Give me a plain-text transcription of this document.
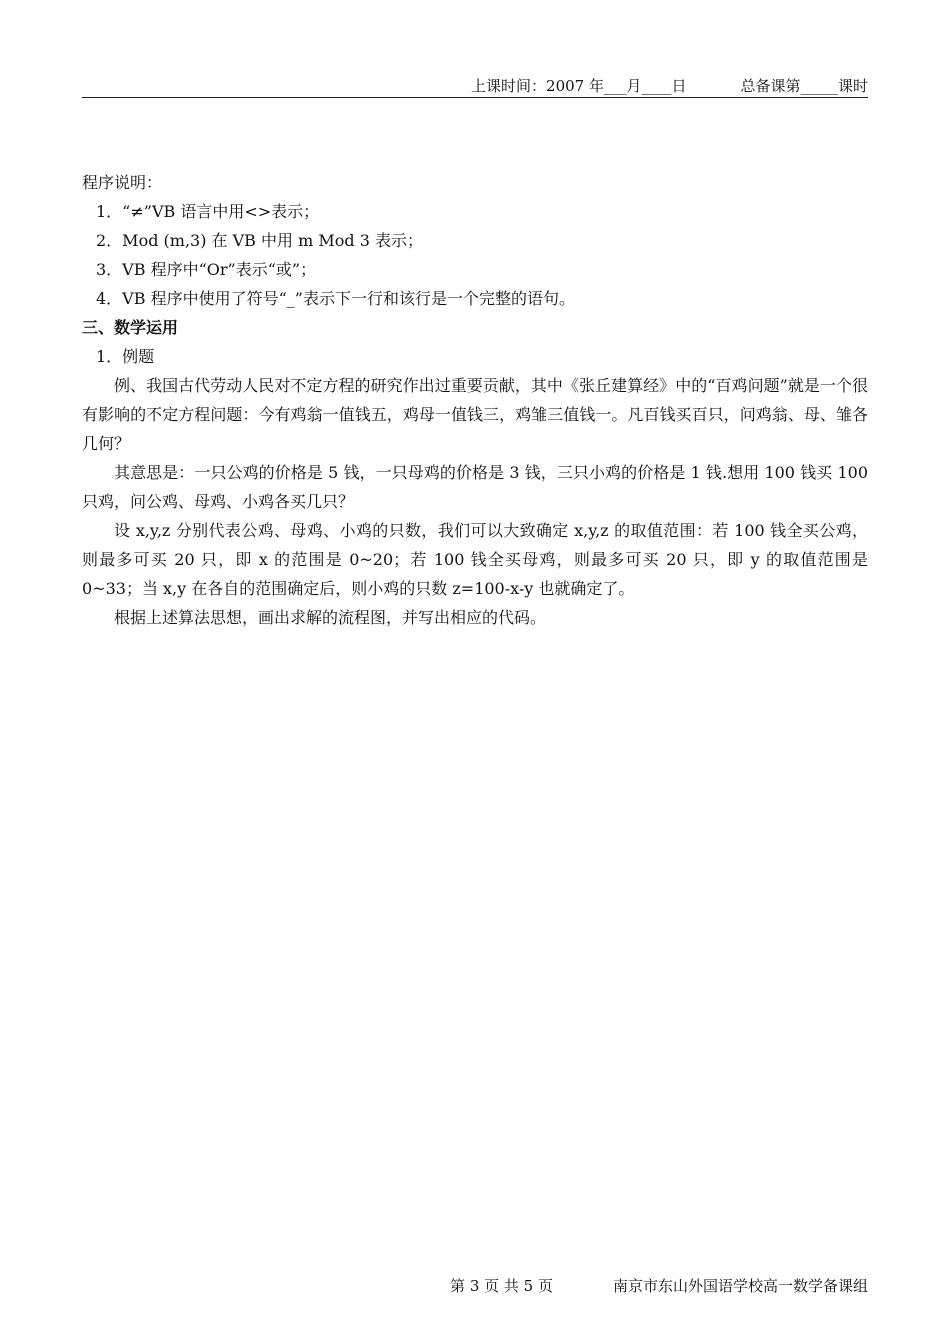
上课时间：2007 年___月____日	总备课第_____课时

程序说明：

1．“≠”VB 语言中用<>表示；

2．Mod (m,3) 在 VB 中用 m Mod 3 表示；

3．VB 程序中“Or”表示“或”；

4．VB 程序中使用了符号“_”表示下一行和该行是一个完整的语句。

三、数学运用

1．例题

例、我国古代劳动人民对不定方程的研究作出过重要贡献，其中《张丘建算经》中的“百鸡问题”就是一个很有影响的不定方程问题：今有鸡翁一值钱五，鸡母一值钱三，鸡雏三值钱一。凡百钱买百只，问鸡翁、母、雏各几何？

其意思是：一只公鸡的价格是 5 钱，一只母鸡的价格是 3 钱，三只小鸡的价格是 1 钱.想用 100 钱买 100 只鸡，问公鸡、母鸡、小鸡各买几只？

设 x,y,z 分别代表公鸡、母鸡、小鸡的只数，我们可以大致确定 x,y,z 的取值范围：若 100 钱全买公鸡，则最多可买 20 只，即 x 的范围是 0~20；若 100 钱全买母鸡，则最多可买 20 只，即 y 的取值范围是 0~33；当 x,y 在各自的范围确定后，则小鸡的只数 z=100-x-y 也就确定了。

根据上述算法思想，画出求解的流程图，并写出相应的代码。

第 3 页 共 5 页	南京市东山外国语学校高一数学备课组
